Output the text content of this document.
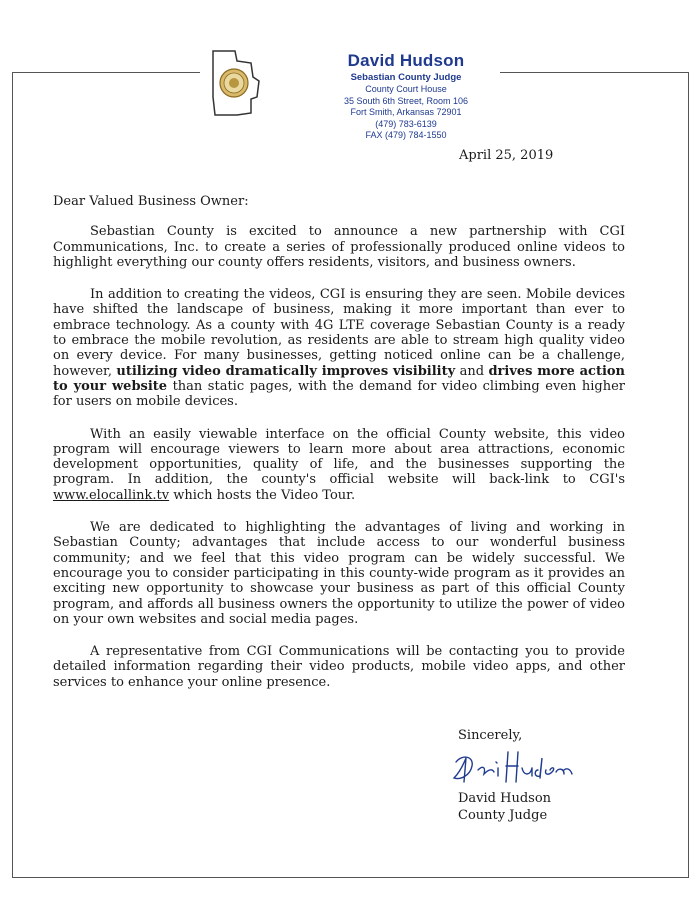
David Hudson
Sebastian County Judge
County Court House
35 South 6th Street, Room 106
Fort Smith, Arkansas 72901
(479) 783-6139
FAX (479) 784-1550
April 25, 2019

Dear Valued Business Owner:

Sebastian County is excited to announce a new partnership with CGI Communications, Inc. to create a series of professionally produced online videos to highlight everything our county offers residents, visitors, and business owners.

In addition to creating the videos, CGI is ensuring they are seen. Mobile devices have shifted the landscape of business, making it more important than ever to embrace technology. As a county with 4G LTE coverage Sebastian County is a ready to embrace the mobile revolution, as residents are able to stream high quality video on every device. For many businesses, getting noticed online can be a challenge, however, utilizing video dramatically improves visibility and drives more action to your website than static pages, with the demand for video climbing even higher for users on mobile devices.

With an easily viewable interface on the official County website, this video program will encourage viewers to learn more about area attractions, economic development opportunities, quality of life, and the businesses supporting the program. In addition, the county's official website will back-link to CGI's www.elocallink.tv which hosts the Video Tour.

We are dedicated to highlighting the advantages of living and working in Sebastian County; advantages that include access to our wonderful business community; and we feel that this video program can be widely successful. We encourage you to consider participating in this county-wide program as it provides an exciting new opportunity to showcase your business as part of this official County program, and affords all business owners the opportunity to utilize the power of video on your own websites and social media pages.

A representative from CGI Communications will be contacting you to provide detailed information regarding their video products, mobile video apps, and other services to enhance your online presence.

Sincerely,
David Hudson
County Judge
